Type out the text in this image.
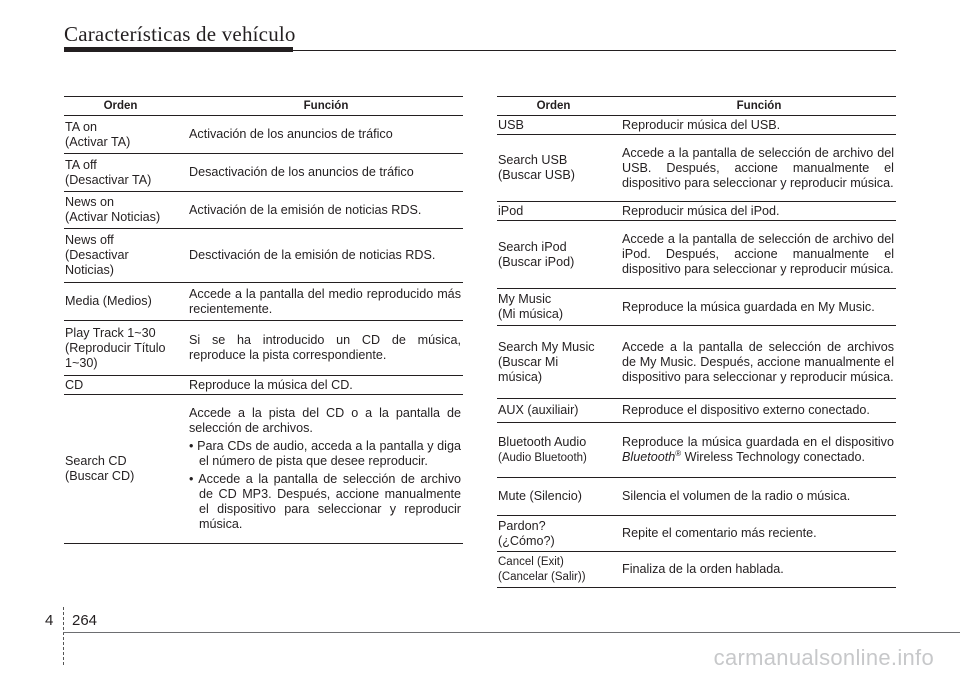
Características de vehículo
Orden	Función
TA on
(Activar TA)	Activación de los anuncios de tráfico
TA off
(Desactivar TA)	Desactivación de los anuncios de tráfico
News on
(Activar Noticias)	Activación de la emisión de noticias RDS.
News off
(Desactivar
Noticias)	Desctivación de la emisión de noticias RDS.
Media (Medios)	Accede a la pantalla del medio reproducido más recientemente.
Play Track 1~30
(Reproducir Título
1~30)	Si se ha introducido un CD de música, reproduce la pista correspondiente.
CD	Reproduce la música del CD.
Search CD
(Buscar CD)	Accede a la pista del CD o a la pantalla de selección de archivos.
• Para CDs de audio, acceda a la pantalla y diga el número de pista que desee reproducir.
• Accede a la pantalla de selección de archivo de CD MP3. Después, accione manualmente el dispositivo para seleccionar y reproducir música.
Orden	Función
USB	Reproducir música del USB.
Search USB
(Buscar USB)	Accede a la pantalla de selección de archivo del USB. Después, accione manualmente el dispositivo para seleccionar y reproducir música.
iPod	Reproducir música del iPod.
Search iPod
(Buscar iPod)	Accede a la pantalla de selección de archivo del iPod. Después, accione manualmente el dispositivo para seleccionar y reproducir música.
My Music
(Mi música)	Reproduce la música guardada en My Music.
Search My Music
(Buscar Mi
música)	Accede a la pantalla de selección de archivos de My Music. Después, accione manualmente el dispositivo para seleccionar y reproducir música.
AUX (auxiliair)	Reproduce el dispositivo externo conectado.
Bluetooth Audio
(Audio Bluetooth)	Reproduce la música guardada en el dispositivo Bluetooth® Wireless Technology conectado.
Mute (Silencio)	Silencia el volumen de la radio o música.
Pardon?
(¿Cómo?)	Repite el comentario más reciente.
Cancel (Exit)
(Cancelar (Salir))	Finaliza de la orden hablada.
4 264
carmanualsonline.info
